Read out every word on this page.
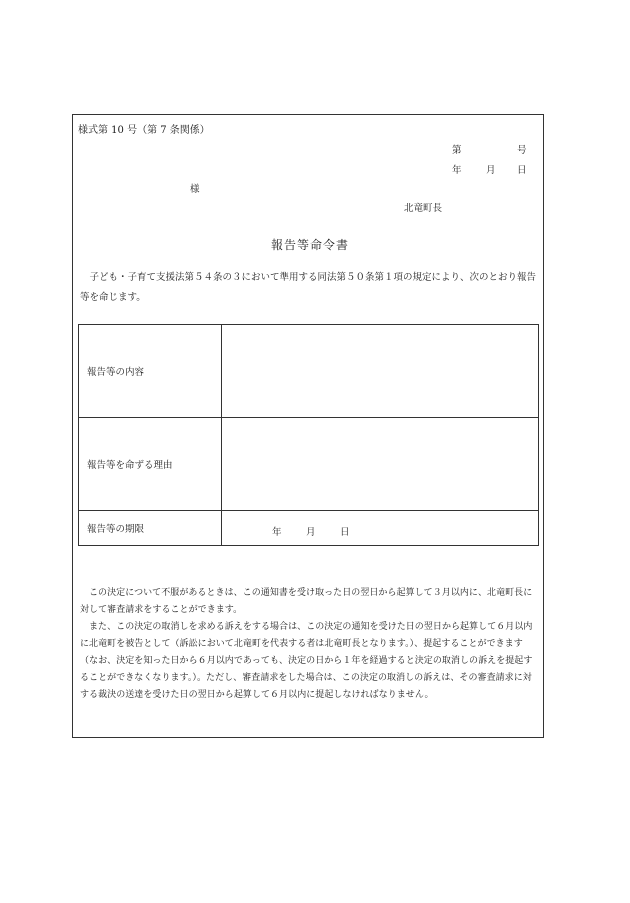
様式第 10 号（第 7 条関係）
第	号
年	月 日
様
北竜町長
報告等命令書
子ども・子育て支援法第５４条の３において準用する同法第５０条第１項の規定により、次のとおり報告等を命じます。
報告等の内容	
報告等を命ずる理由	
報告等の期限		年	月	日
この決定について不服があるときは、この通知書を受け取った日の翌日から起算して３月以内に、北竜町長に対して審査請求をすることができます。
また、この決定の取消しを求める訴えをする場合は、この決定の通知を受けた日の翌日から起算して６月以内に北竜町を被告として（訴訟において北竜町を代表する者は北竜町長となります。）、提起することができます（なお、決定を知った日から６月以内であっても、決定の日から１年を経過すると決定の取消しの訴えを提起することができなくなります。）。ただし、審査請求をした場合は、この決定の取消しの訴えは、その審査請求に対する裁決の送達を受けた日の翌日から起算して６月以内に提起しなければなりません。
